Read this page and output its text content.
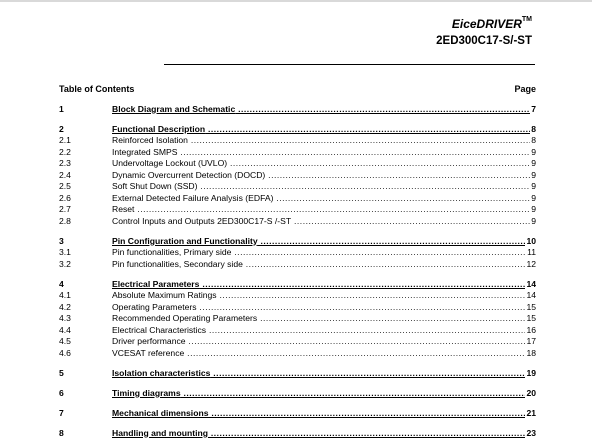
EiceDRIVER™
2ED300C17-S/-ST
Table of Contents	Page
1	Block Diagram and Schematic .....	7
2	Functional Description .....	8
2.1	Reinforced Isolation .....	8
2.2	Integrated SMPS .....	9
2.3	Undervoltage Lockout (UVLO) .....	9
2.4	Dynamic Overcurrent Detection (DOCD) .....	9
2.5	Soft Shut Down (SSD) .....	9
2.6	External Detected Failure Analysis (EDFA) .....	9
2.7	Reset .....	9
2.8	Control Inputs and Outputs 2ED300C17-S /-ST .....	9
3	Pin Configuration and Functionality .....	10
3.1	Pin functionalities, Primary side .....	11
3.2	Pin functionalities, Secondary side .....	12
4	Electrical Parameters .....	14
4.1	Absolute Maximum Ratings .....	14
4.2	Operating Parameters .....	15
4.3	Recommended Operating Parameters .....	15
4.4	Electrical Characteristics .....	16
4.5	Driver performance .....	17
4.6	VCESAT reference .....	18
5	Isolation characteristics .....	19
6	Timing diagrams .....	20
7	Mechanical dimensions .....	21
8	Handling and mounting .....	23
